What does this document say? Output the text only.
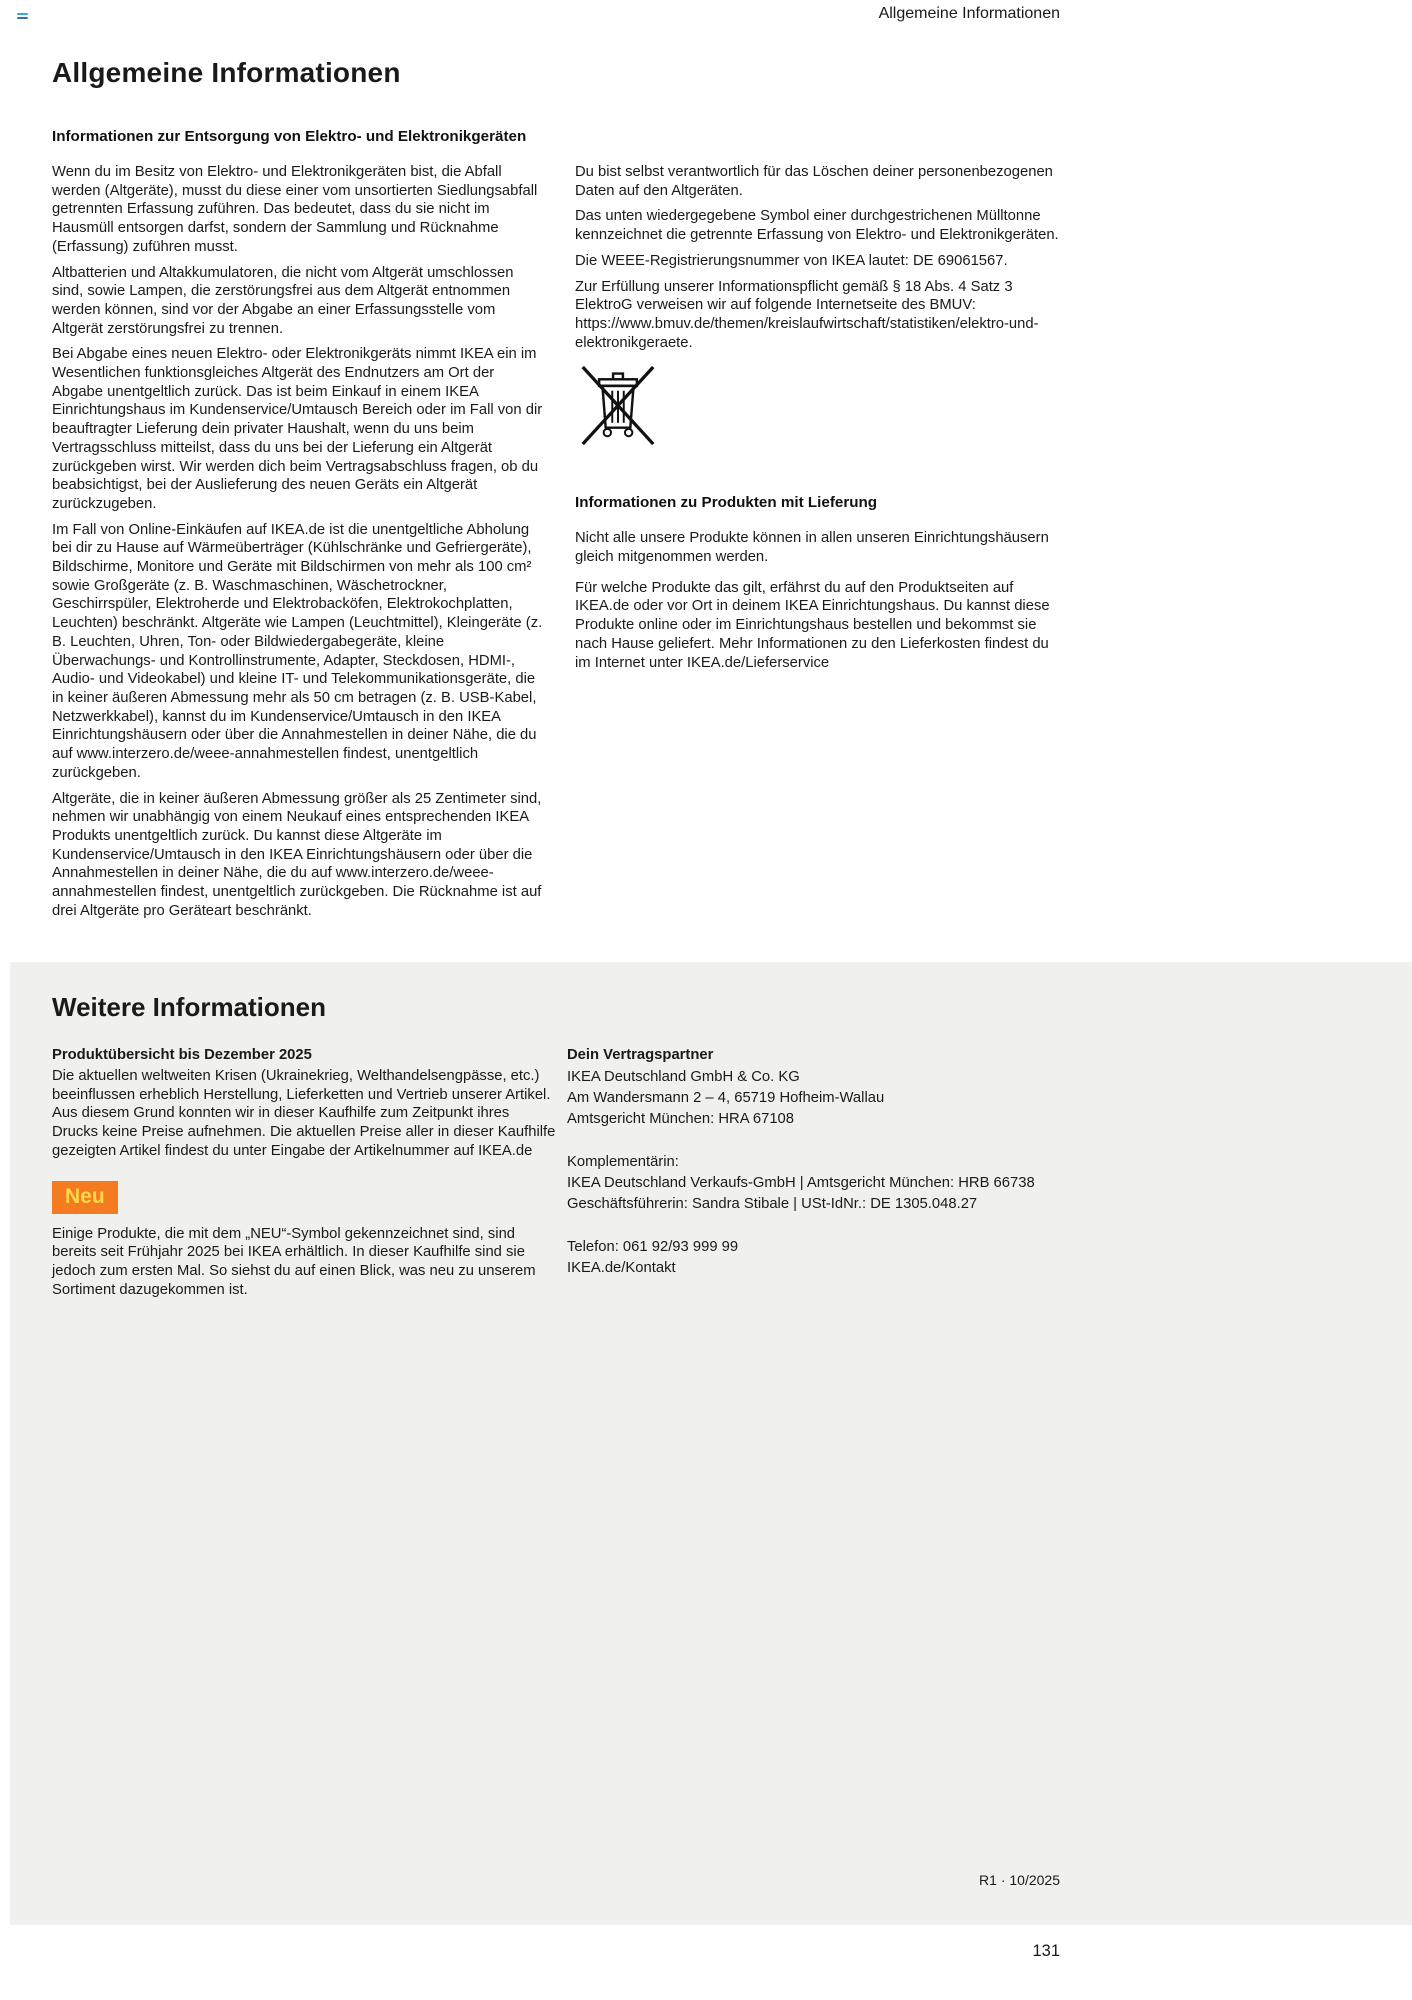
Allgemeine Informationen
Allgemeine Informationen
Informationen zur Entsorgung von Elektro- und Elektronikgeräten

Wenn du im Besitz von Elektro- und Elektronikgeräten bist, die Abfall werden (Altgeräte), musst du diese einer vom unsortierten Siedlungsabfall getrennten Erfassung zuführen. Das bedeutet, dass du sie nicht im Hausmüll entsorgen darfst, sondern der Sammlung und Rücknahme (Erfassung) zuführen musst.

Altbatterien und Altakkumulatoren, die nicht vom Altgerät umschlossen sind, sowie Lampen, die zerstörungsfrei aus dem Altgerät entnommen werden können, sind vor der Abgabe an einer Erfassungsstelle vom Altgerät zerstörungsfrei zu trennen.

Bei Abgabe eines neuen Elektro- oder Elektronikgeräts nimmt IKEA ein im Wesentlichen funktionsgleiches Altgerät des Endnutzers am Ort der Abgabe unentgeltlich zurück. Das ist beim Einkauf in einem IKEA Einrichtungshaus im Kundenservice/Umtausch Bereich oder im Fall von dir beauftragter Lieferung dein privater Haushalt, wenn du uns beim Vertragsschluss mitteilst, dass du uns bei der Lieferung ein Altgerät zurückgeben wirst. Wir werden dich beim Vertragsabschluss fragen, ob du beabsichtigst, bei der Auslieferung des neuen Geräts ein Altgerät zurückzugeben.

Im Fall von Online-Einkäufen auf IKEA.de ist die unentgeltliche Abholung bei dir zu Hause auf Wärmeüberträger (Kühlschränke und Gefriergeräte), Bildschirme, Monitore und Geräte mit Bildschirmen von mehr als 100 cm² sowie Großgeräte (z. B. Waschmaschinen, Wäschetrockner, Geschirrspüler, Elektroherde und Elektrobacköfen, Elektrokochplatten, Leuchten) beschränkt. Altgeräte wie Lampen (Leuchtmittel), Kleingeräte (z. B. Leuchten, Uhren, Ton- oder Bildwiedergabegeräte, kleine Überwachungs- und Kontrollinstrumente, Adapter, Steckdosen, HDMI-, Audio- und Videokabel) und kleine IT- und Telekommunikationsgeräte, die in keiner äußeren Abmessung mehr als 50 cm betragen (z. B. USB-Kabel, Netzwerkkabel), kannst du im Kundenservice/Umtausch in den IKEA Einrichtungshäusern oder über die Annahmestellen in deiner Nähe, die du auf www.interzero.de/weee-annahmestellen findest, unentgeltlich zurückgeben.

Altgeräte, die in keiner äußeren Abmessung größer als 25 Zentimeter sind, nehmen wir unabhängig von einem Neukauf eines entsprechenden IKEA Produkts unentgeltlich zurück. Du kannst diese Altgeräte im Kundenservice/Umtausch in den IKEA Einrichtungshäusern oder über die Annahmestellen in deiner Nähe, die du auf www.interzero.de/weee-annahmestellen findest, unentgeltlich zurückgeben. Die Rücknahme ist auf drei Altgeräte pro Geräteart beschränkt.

Du bist selbst verantwortlich für das Löschen deiner personenbezogenen Daten auf den Altgeräten.

Das unten wiedergegebene Symbol einer durchgestrichenen Mülltonne kennzeichnet die getrennte Erfassung von Elektro- und Elektronikgeräten.

Die WEEE-Registrierungsnummer von IKEA lautet: DE 69061567.

Zur Erfüllung unserer Informationspflicht gemäß § 18 Abs. 4 Satz 3 ElektroG verweisen wir auf folgende Internetseite des BMUV: https://www.bmuv.de/themen/kreislaufwirtschaft/statistiken/elektro-und-elektronikgeraete.

Informationen zu Produkten mit Lieferung

Nicht alle unsere Produkte können in allen unseren Einrichtungshäusern gleich mitgenommen werden.

Für welche Produkte das gilt, erfährst du auf den Produktseiten auf IKEA.de oder vor Ort in deinem IKEA Einrichtungshaus. Du kannst diese Produkte online oder im Einrichtungshaus bestellen und bekommst sie nach Hause geliefert. Mehr Informationen zu den Lieferkosten findest du im Internet unter IKEA.de/Lieferservice

Weitere Informationen
Produktübersicht bis Dezember 2025

Die aktuellen weltweiten Krisen (Ukrainekrieg, Welthandelsengpässe, etc.) beeinflussen erheblich Herstellung, Lieferketten und Vertrieb unserer Artikel. Aus diesem Grund konnten wir in dieser Kaufhilfe zum Zeitpunkt ihres Drucks keine Preise aufnehmen. Die aktuellen Preise aller in dieser Kaufhilfe gezeigten Artikel findest du unter Eingabe der Artikelnummer auf IKEA.de

Neu

Einige Produkte, die mit dem „NEU“-Symbol gekennzeichnet sind, sind bereits seit Frühjahr 2025 bei IKEA erhältlich. In dieser Kaufhilfe sind sie jedoch zum ersten Mal. So siehst du auf einen Blick, was neu zu unserem Sortiment dazugekommen ist.

Dein Vertragspartner
IKEA Deutschland GmbH & Co. KG
Am Wandersmann 2 – 4, 65719 Hofheim-Wallau
Amtsgericht München: HRA 67108
Komplementärin:
IKEA Deutschland Verkaufs-GmbH | Amtsgericht München: HRB 66738
Geschäftsführerin: Sandra Stibale | USt-IdNr.: DE 1305.048.27
Telefon: 061 92/93 999 99
IKEA.de/Kontakt
R1 · 10/2025
131
